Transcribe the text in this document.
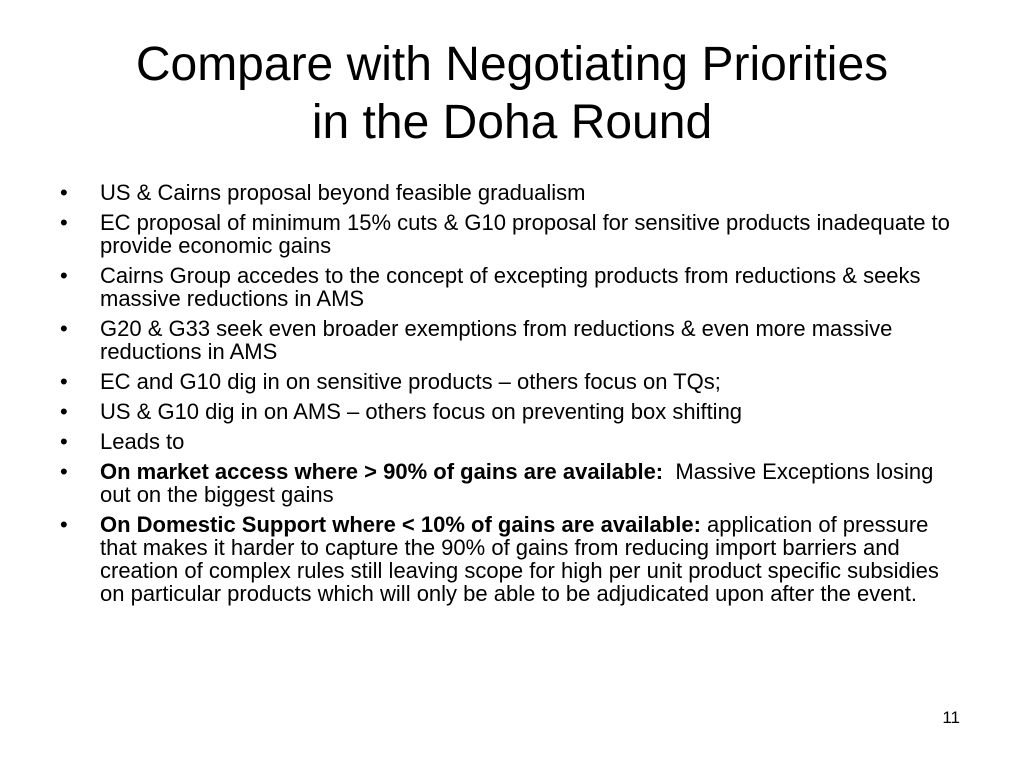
Compare with Negotiating Priorities
in the Doha Round
•	US & Cairns proposal beyond feasible gradualism
•	EC proposal of minimum 15% cuts & G10 proposal for sensitive products inadequate to provide economic gains
•	Cairns Group accedes to the concept of excepting products from reductions & seeks massive reductions in AMS
•	G20 & G33 seek even broader exemptions from reductions & even more massive reductions in AMS
•	EC and G10 dig in on sensitive products – others focus on TQs;
•	US & G10 dig in on AMS – others focus on preventing box shifting
•	Leads to
•	On market access where > 90% of gains are available:  Massive Exceptions losing out on the biggest gains
•	On Domestic Support where < 10% of gains are available: application of pressure that makes it harder to capture the 90% of gains from reducing import barriers and creation of complex rules still leaving scope for high per unit product specific subsidies on particular products which will only be able to be adjudicated upon after the event.
11
